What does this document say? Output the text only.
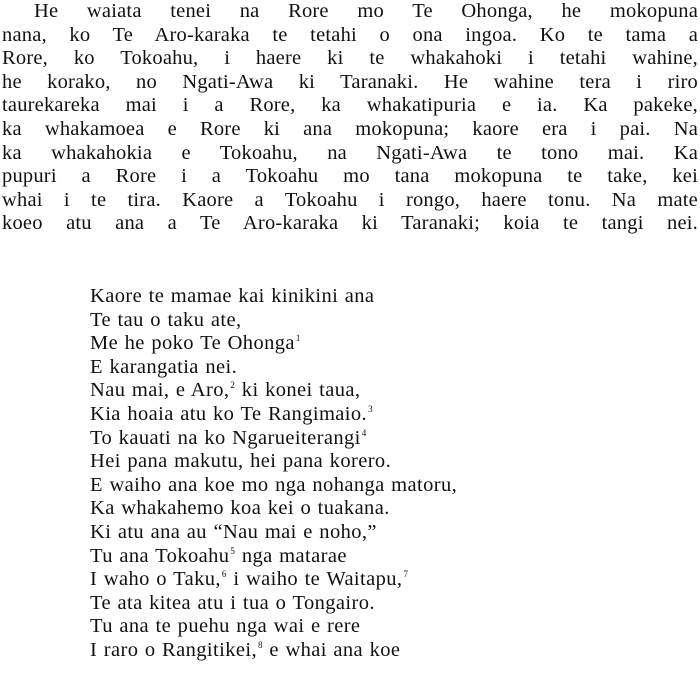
He waiata tenei na Rore mo Te Ohonga, he mokopuna
nana, ko Te Aro-karaka te tetahi o ona ingoa. Ko te tama a
Rore, ko Tokoahu, i haere ki te whakahoki i tetahi wahine,
he korako, no Ngati-Awa ki Taranaki. He wahine tera i riro
taurekareka mai i a Rore, ka whakatipuria e ia. Ka pakeke,
ka whakamoea e Rore ki ana mokopuna; kaore era i pai. Na
ka whakahokia e Tokoahu, na Ngati-Awa te tono mai. Ka
pupuri a Rore i a Tokoahu mo tana mokopuna te take, kei
whai i te tira. Kaore a Tokoahu i rongo, haere tonu. Na mate
koeo atu ana a Te Aro-karaka ki Taranaki; koia te tangi nei.
Kaore te mamae kai kinikini ana
Te tau o taku ate,
Me he poko Te Ohonga$^1$
E karangatia nei.
Nau mai, e Aro,$^2$ ki konei taua,
Kia hoaia atu ko Te Rangimaio.$^3$
To kauati na ko Ngarueiterangi$^4$
Hei pana makutu, hei pana korero.
E waiho ana koe mo nga nohanga matoru,
Ka whakahemo koa kei o tuakana.
Ki atu ana au “Nau mai e noho,”
Tu ana Tokoahu$^5$ nga matarae
I waho o Taku,$^6$ i waiho te Waitapu,$^7$
Te ata kitea atu i tua o Tongairo.
Tu ana te puehu nga wai e rere
I raro o Rangitikei,$^8$ e whai ana koe
